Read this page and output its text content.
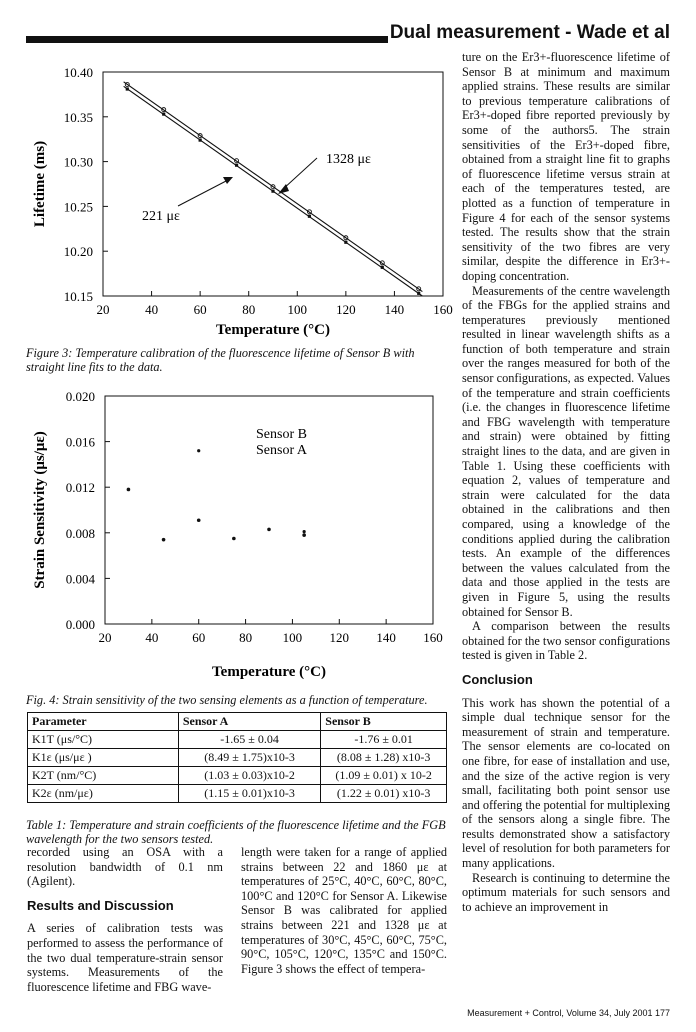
Dual measurement - Wade et al
10.40
10.35
10.30
10.25
10.20
10.15
20	40	60	80 100 120 140 160
1328 με
221 με
Temperature (°C)
Lifetime (ms)
Figure 3: Temperature calibration of the fluorescence lifetime of Sensor B with straight line fits to the data.
0.020
0.016
0.012
0.008
0.004
0.000
20	40	60	80 100 120 140 160
Sensor B
Sensor A
Temperature (°C)
Strain Sensitivity (μs/με)
Fig. 4: Strain sensitivity of the two sensing elements as a function of temperature.
Parameter	Sensor A	Sensor B
K1T (μs/°C)	-1.65 ± 0.04	-1.76 ± 0.01
K1ε (μs/με )	(8.49 ± 1.75)x10-3	(8.08 ± 1.28) x10-3
K2T (nm/°C)	(1.03 ± 0.03)x10-2	(1.09 ± 0.01) x 10-2
K2ε (nm/με)	(1.15 ± 0.01)x10-3	(1.22 ± 0.01) x10-3
Table 1: Temperature and strain coefficients of the fluorescence lifetime and the FGB wavelength for the two sensors tested.

recorded using an OSA with a resolution bandwidth of 0.1 nm (Agilent).

Results and Discussion

A series of calibration tests was performed to assess the performance of the two dual temperature-strain sensor systems. Measurements of the fluorescence lifetime and FBG wave-

length were taken for a range of applied strains between 22 and 1860 με at temperatures of 25°C, 40°C, 60°C, 80°C, 100°C and 120°C for Sensor A. Likewise Sensor B was calibrated for applied strains between 221 and 1328 με at temperatures of 30°C, 45°C, 60°C, 75°C, 90°C, 105°C, 120°C, 135°C and 150°C. Figure 3 shows the effect of tempera-

ture on the Er3+-fluorescence lifetime of Sensor B at minimum and maximum applied strains. These results are similar to previous temperature calibrations of Er3+-doped fibre reported previously by some of the authors5. The strain sensitivities of the Er3+-doped fibre, obtained from a straight line fit to graphs of fluorescence lifetime versus strain at each of the temperatures tested, are plotted as a function of temperature in Figure 4 for each of the sensor systems tested. The results show that the strain sensitivity of the two fibres are very similar, despite the difference in Er3+-doping concentration.

Measurements of the centre wavelength of the FBGs for the applied strains and temperatures previously mentioned resulted in linear wavelength shifts as a function of both temperature and strain over the ranges measured for both of the sensor configurations, as expected. Values of the temperature and strain coefficients (i.e. the changes in fluorescence lifetime and FBG wavelength with temperature and strain) were obtained by fitting straight lines to the data, and are given in Table 1. Using these coefficients with equation 2, values of temperature and strain were calculated for the data obtained in the calibrations and then compared, using a knowledge of the conditions applied during the calibration tests. An example of the differences between the values calculated from the data and those applied in the tests are given in Figure 5, using the results obtained for Sensor B.

A comparison between the results obtained for the two sensor configurations tested is given in Table 2.

Conclusion

This work has shown the potential of a simple dual technique sensor for the measurement of strain and temperature. The sensor elements are co-located on one fibre, for ease of installation and use, and the size of the active region is very small, facilitating both point sensor use and offering the potential for multiplexing of the sensors along a single fibre. The results demonstrated show a satisfactory level of resolution for both parameters for many applications.

Research is continuing to determine the optimum materials for such sensors and to achieve an improvement in

Measurement + Control, Volume 34, July 2001 177
